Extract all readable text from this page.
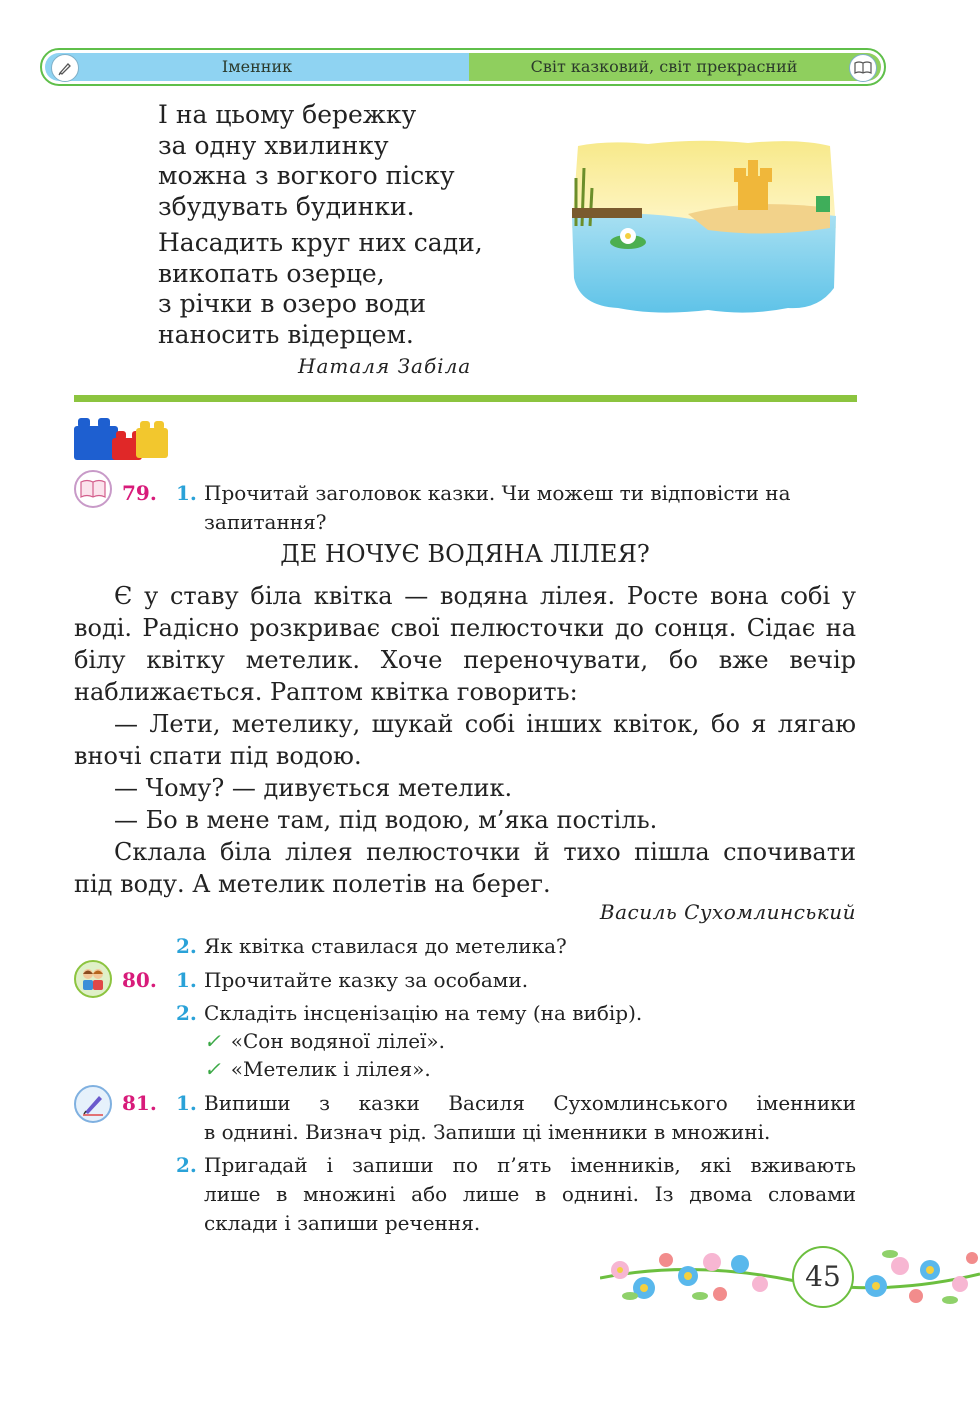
Іменник	Світ казковий, світ прекрасний
І на цьому бережку
за одну хвилинку
можна з вогкого піску
збудувать будинки.
Насадить круг них сади,
викопать озерце,
з річки в озеро води
наносить відерцем.
Наталя Забіла
79. 1. Прочитай заголовок казки. Чи можеш ти відповісти на
запитання?
ДЕ НОЧУЄ ВОДЯНА ЛІЛЕЯ?

Є у ставу біла квітка — водяна лілея. Росте вона собі у воді. Радісно розкриває свої пелюсточки до сонця. Сідає на білу квітку метелик. Хоче переночувати, бо вже вечір наближається. Раптом квітка говорить:

— Лети, метелику, шукай собі інших квіток, бо я лягаю вночі спати під водою.

— Чому? — дивується метелик.

— Бо в мене там, під водою, м’яка постіль.

Склала біла лілея пелюсточки й тихо пішла спочивати під воду. А метелик полетів на берег.

Василь Сухомлинський
2. Як квітка ставилася до метелика?
80. 1. Прочитайте казку за особами.
2. Складіть інсценізацію на тему (на вибір).
✓ «Сон водяної лілеї».
✓ «Метелик і лілея».
81. 1. Випиши з казки Василя Сухомлинського іменники
в однині. Визнач рід. Запиши ці іменники в множині.
2. Пригадай і запиши по п’ять іменників, які вживають
лише в множині або лише в однині. Із двома словами
склади і запиши речення.
45
